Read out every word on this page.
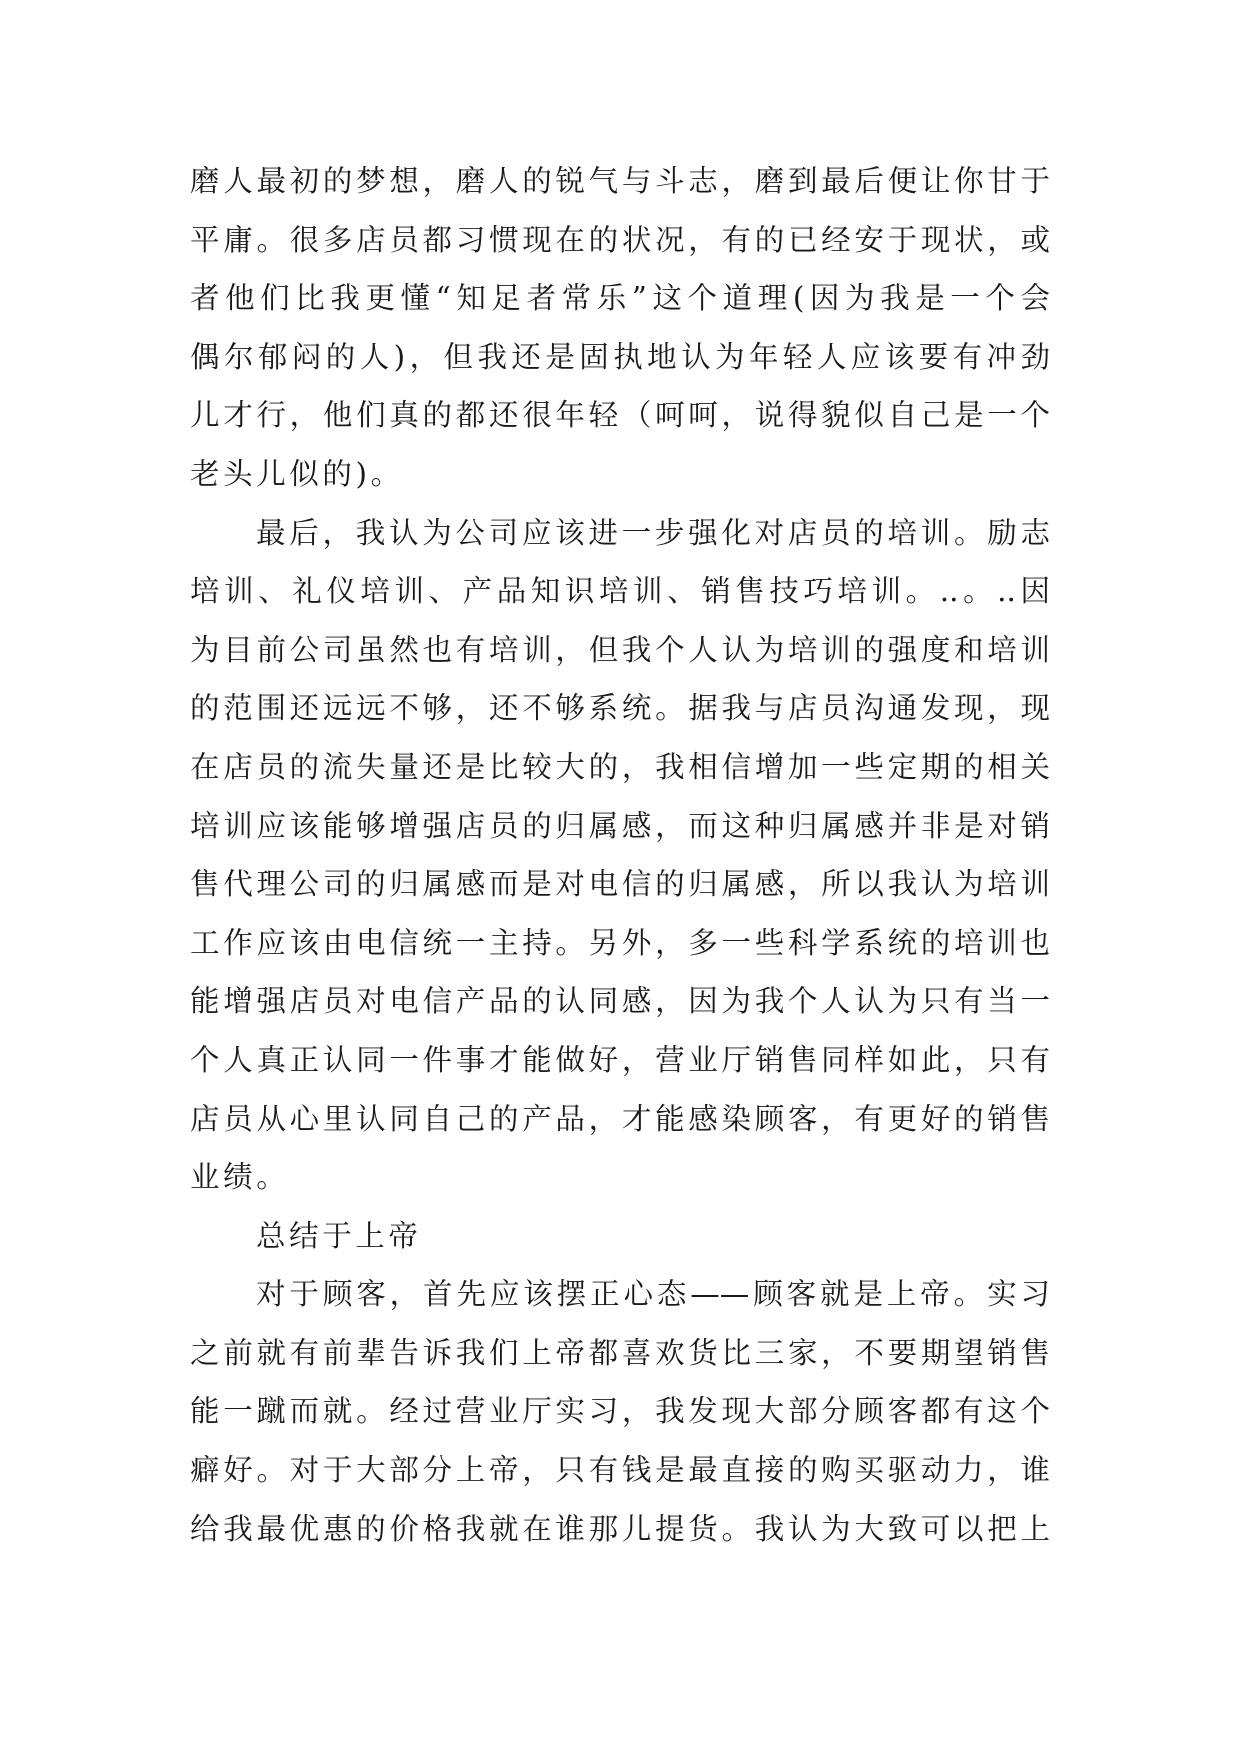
磨人最初的梦想，磨人的锐气与斗志，磨到最后便让你甘于
平庸。很多店员都习惯现在的状况，有的已经安于现状，或
者他们比我更懂“知足者常乐”这个道理(因为我是一个会
偶尔郁闷的人)，但我还是固执地认为年轻人应该要有冲劲
儿才行，他们真的都还很年轻（呵呵，说得貌似自己是一个
老头儿似的)。
最后，我认为公司应该进一步强化对店员的培训。励志
培训、礼仪培训、产品知识培训、销售技巧培训。..。..因
为目前公司虽然也有培训，但我个人认为培训的强度和培训
的范围还远远不够，还不够系统。据我与店员沟通发现，现
在店员的流失量还是比较大的，我相信增加一些定期的相关
培训应该能够增强店员的归属感，而这种归属感并非是对销
售代理公司的归属感而是对电信的归属感，所以我认为培训
工作应该由电信统一主持。另外，多一些科学系统的培训也
能增强店员对电信产品的认同感，因为我个人认为只有当一
个人真正认同一件事才能做好，营业厅销售同样如此，只有
店员从心里认同自己的产品，才能感染顾客，有更好的销售
业绩。
总结于上帝
对于顾客，首先应该摆正心态——顾客就是上帝。实习
之前就有前辈告诉我们上帝都喜欢货比三家，不要期望销售
能一蹴而就。经过营业厅实习，我发现大部分顾客都有这个
癖好。对于大部分上帝，只有钱是最直接的购买驱动力，谁
给我最优惠的价格我就在谁那儿提货。我认为大致可以把上
